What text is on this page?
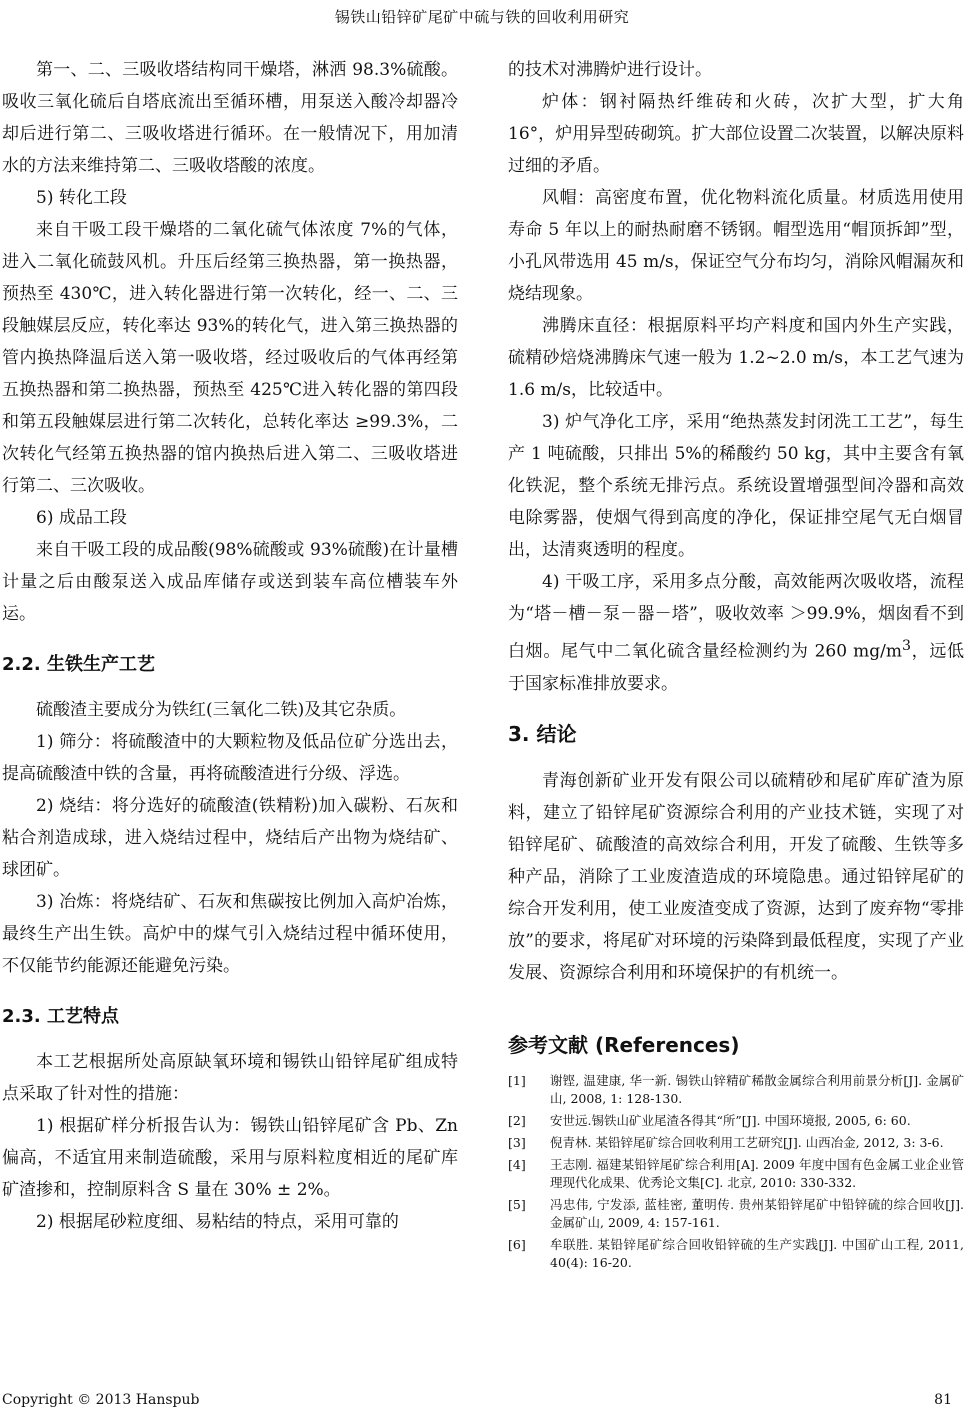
锡铁山铅锌矿尾矿中硫与铁的回收利用研究

第一、二、三吸收塔结构同干燥塔，淋洒 98.3%硫酸。吸收三氧化硫后自塔底流出至循环槽，用泵送入酸冷却器冷却后进行第二、三吸收塔进行循环。在一般情况下，用加清水的方法来维持第二、三吸收塔酸的浓度。

5) 转化工段

来自干吸工段干燥塔的二氧化硫气体浓度 7%的气体，进入二氧化硫鼓风机。升压后经第三换热器，第一换热器，预热至 430℃，进入转化器进行第一次转化，经一、二、三段触媒层反应，转化率达 93%的转化气，进入第三换热器的管内换热降温后送入第一吸收塔，经过吸收后的气体再经第五换热器和第二换热器，预热至 425℃进入转化器的第四段和第五段触媒层进行第二次转化，总转化率达 ≥99.3%，二次转化气经第五换热器的馆内换热后进入第二、三吸收塔进行第二、三次吸收。

6) 成品工段

来自干吸工段的成品酸(98%硫酸或 93%硫酸)在计量槽计量之后由酸泵送入成品库储存或送到装车高位槽装车外运。

2.2. 生铁生产工艺

硫酸渣主要成分为铁红(三氧化二铁)及其它杂质。

1) 筛分：将硫酸渣中的大颗粒物及低品位矿分选出去，提高硫酸渣中铁的含量，再将硫酸渣进行分级、浮选。

2) 烧结：将分选好的硫酸渣(铁精粉)加入碳粉、石灰和粘合剂造成球，进入烧结过程中，烧结后产出物为烧结矿、球团矿。

3) 冶炼：将烧结矿、石灰和焦碳按比例加入高炉冶炼，最终生产出生铁。高炉中的煤气引入烧结过程中循环使用，不仅能节约能源还能避免污染。

2.3. 工艺特点

本工艺根据所处高原缺氧环境和锡铁山铅锌尾矿组成特点采取了针对性的措施：

1) 根据矿样分析报告认为：锡铁山铅锌尾矿含 Pb、Zn 偏高，不适宜用来制造硫酸，采用与原料粒度相近的尾矿库矿渣掺和，控制原料含 S 量在 30% ± 2%。

2) 根据尾砂粒度细、易粘结的特点，采用可靠的

的技术对沸腾炉进行设计。

炉体：钢衬隔热纤维砖和火砖，次扩大型，扩大角 16°，炉用异型砖砌筑。扩大部位设置二次装置，以解决原料过细的矛盾。

风帽：高密度布置，优化物料流化质量。材质选用使用寿命 5 年以上的耐热耐磨不锈钢。帽型选用“帽顶拆卸”型，小孔风带选用 45 m/s，保证空气分布均匀，消除风帽漏灰和烧结现象。

沸腾床直径：根据原料平均产料度和国内外生产实践，硫精砂焙烧沸腾床气速一般为 1.2~2.0 m/s，本工艺气速为 1.6 m/s，比较适中。

3) 炉气净化工序，采用“绝热蒸发封闭洗工工艺”，每生产 1 吨硫酸，只排出 5%的稀酸约 50 kg，其中主要含有氧化铁泥，整个系统无排污点。系统设置增强型间冷器和高效电除雾器，使烟气得到高度的净化，保证排空尾气无白烟冒出，达清爽透明的程度。

4) 干吸工序，采用多点分酸，高效能两次吸收塔，流程为“塔－槽－泵－器－塔”，吸收效率 ＞99.9%，烟囱看不到白烟。尾气中二氧化硫含量经检测约为 260 $mg/m^3$，远低于国家标准排放要求。

3. 结论

青海创新矿业开发有限公司以硫精砂和尾矿库矿渣为原料，建立了铅锌尾矿资源综合利用的产业技术链，实现了对铅锌尾矿、硫酸渣的高效综合利用，开发了硫酸、生铁等多种产品，消除了工业废渣造成的环境隐患。通过铅锌尾矿的综合开发利用，使工业废渣变成了资源，达到了废弃物“零排放”的要求，将尾矿对环境的污染降到最低程度，实现了产业发展、资源综合利用和环境保护的有机统一。

参考文献 (References)
[1]	谢铿, 温建康, 华一新. 锡铁山锌精矿稀散金属综合利用前景分析[J]. 金属矿山, 2008, 1: 128-130.
[2]	安世远.锡铁山矿业尾渣各得其“所”[J]. 中国环境报, 2005, 6: 60.
[3]	倪青林. 某铅锌尾矿综合回收利用工艺研究[J]. 山西冶金, 2012, 3: 3-6.
[4]	王志刚. 福建某铅锌尾矿综合利用[A]. 2009 年度中国有色金属工业企业管理现代化成果、优秀论文集[C]. 北京, 2010: 330-332.
[5]	冯忠伟, 宁发添, 蓝桂密, 董明传. 贵州某铅锌尾矿中铅锌硫的综合回收[J]. 金属矿山, 2009, 4: 157-161.
[6]	牟联胜. 某铅锌尾矿综合回收铅锌硫的生产实践[J]. 中国矿山工程, 2011, 40(4): 16-20.
Copyright © 2013 Hanspub	81
